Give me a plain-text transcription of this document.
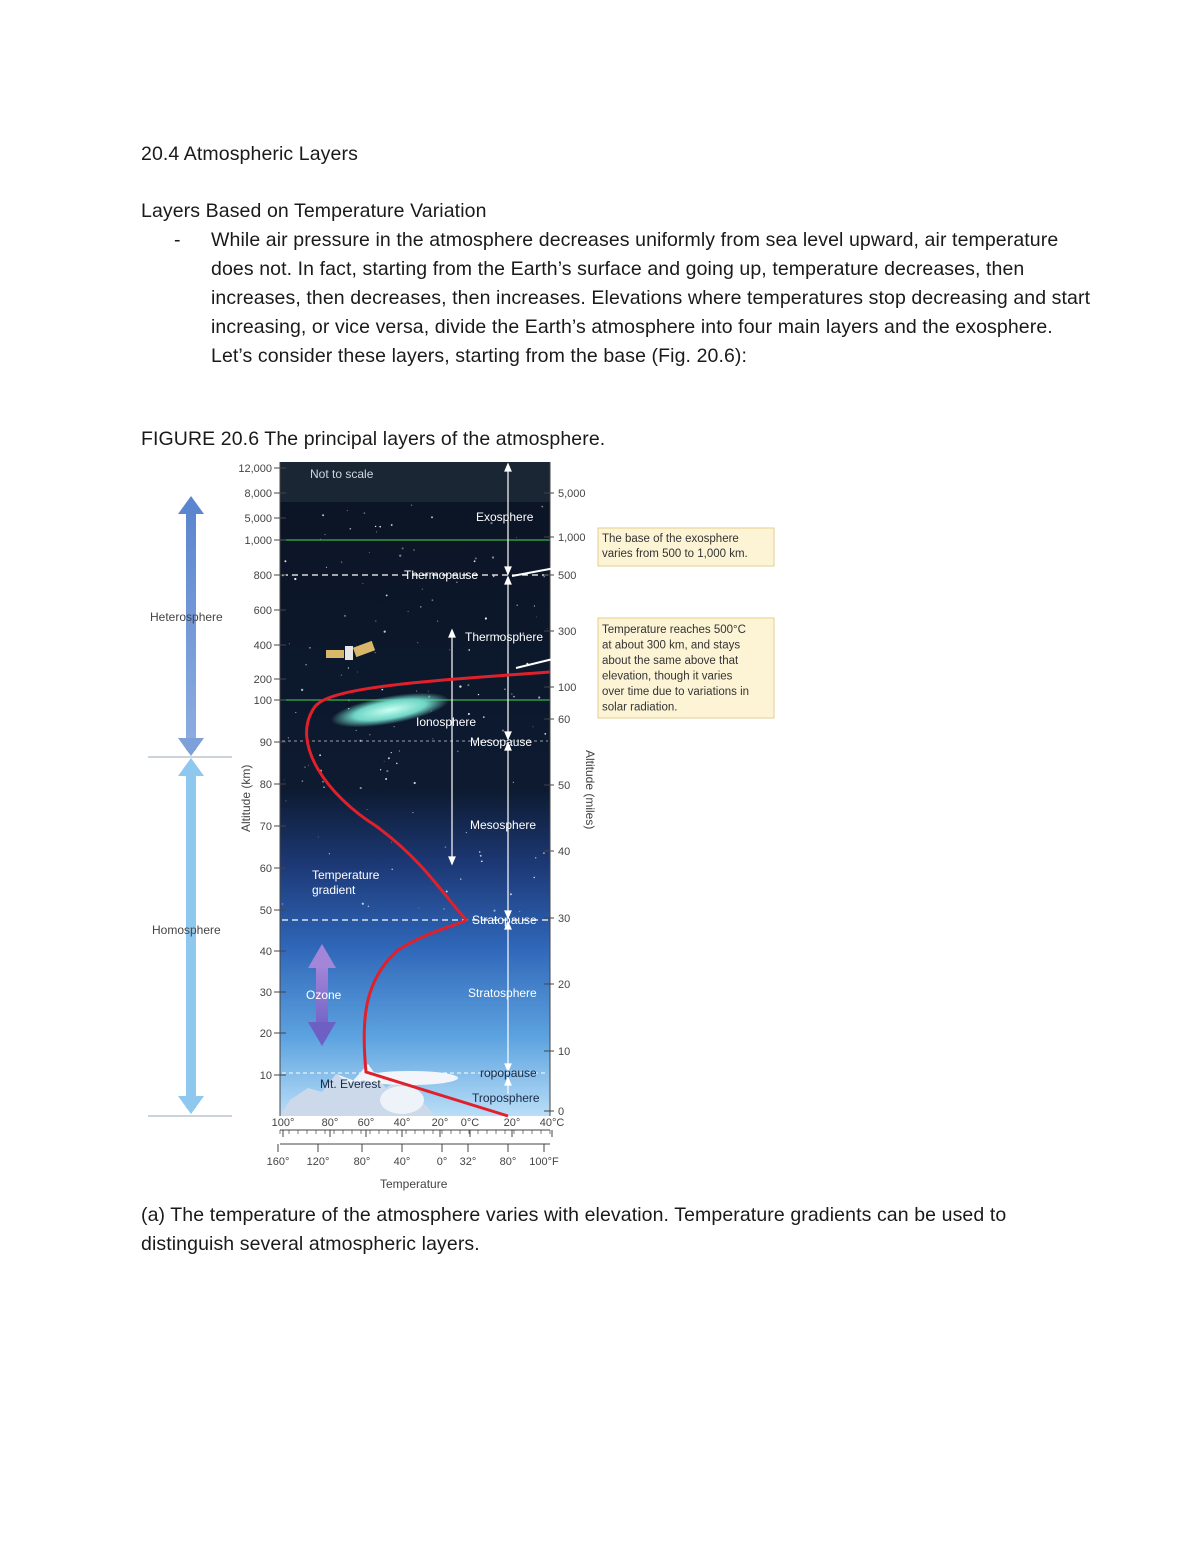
20.4 Atmospheric Layers
Layers Based on Temperature Variation
- While air pressure in the atmosphere decreases uniformly from sea level upward, air temperature does not. In fact, starting from the Earth’s surface and going up, temperature decreases, then increases, then decreases, then increases. Elevations where temperatures stop decreasing and start increasing, or vice versa, divide the Earth’s atmosphere into four main layers and the exosphere. Let’s consider these layers, starting from the base (Fig. 20.6):
FIGURE 20.6 The principal layers of the atmosphere.
Heterosphere
Homosphere
Not to scale
Exosphere
Thermopause
Thermosphere
Ionosphere
Mesopause
Mesosphere
Temperature
gradient
Stratopause
Ozone	Stratosphere
ropopause
Mt. Everest
Troposphere
12,000
8,000
5,000
1,000
800
600
400
200
100
90
80
70
60
50
40
30
20
10
Altitude (km)
5,000
1,000
500
300
100
60
50
40
30
20
10
0
Altitude (miles)
The base of the exosphere
varies from 500 to 1,000 km.
Temperature reaches 500°C
at about 300 km, and stays
about the same above that
elevation, though it varies
over time due to variations in
solar radiation.
100° 80° 60° 40° 20° 0°C 20° 40°C
160° 120° 80° 40° 0° 32° 80° 100°F
Temperature
(a) The temperature of the atmosphere varies with elevation. Temperature gradients can be used to distinguish several atmospheric layers.
